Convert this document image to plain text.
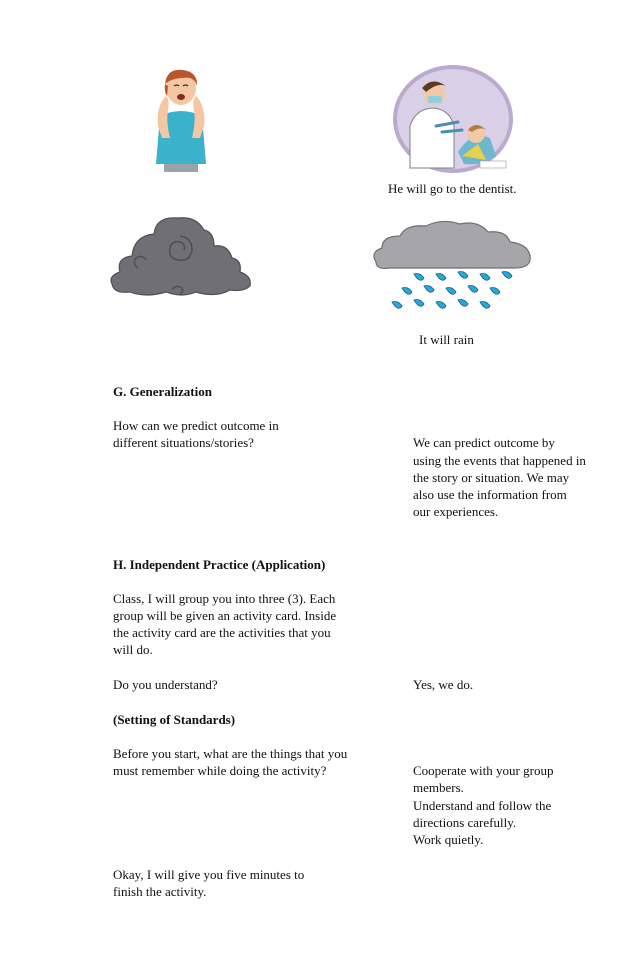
He will go to the dentist.
It will rain
G. Generalization
How can we predict outcome in
different situations/stories?	We can predict outcome by
using the events that happened in
the story or situation. We may
also use the information from
our experiences.
H. Independent Practice (Application)
Class, I will group you into three (3). Each
group will be given an activity card. Inside
the activity card are the activities that you
will do.
Do you understand?	Yes, we do.
(Setting of Standards)
Before you start, what are the things that you
must remember while doing the activity?	Cooperate with your group
members.
Understand and follow the
directions carefully.
Work quietly.
Okay, I will give you five minutes to
finish the activity.
